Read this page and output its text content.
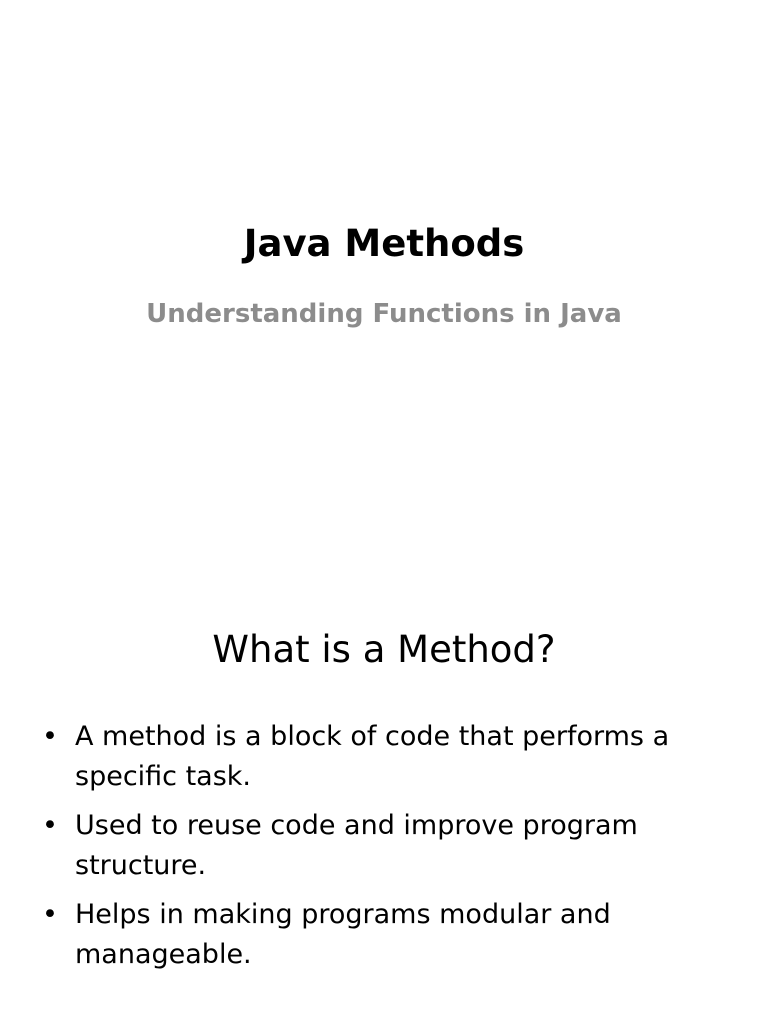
Java Methods
Understanding Functions in Java
What is a Method?
• A method is a block of code that performs a specific task.
• Used to reuse code and improve program structure.
• Helps in making programs modular and manageable.
